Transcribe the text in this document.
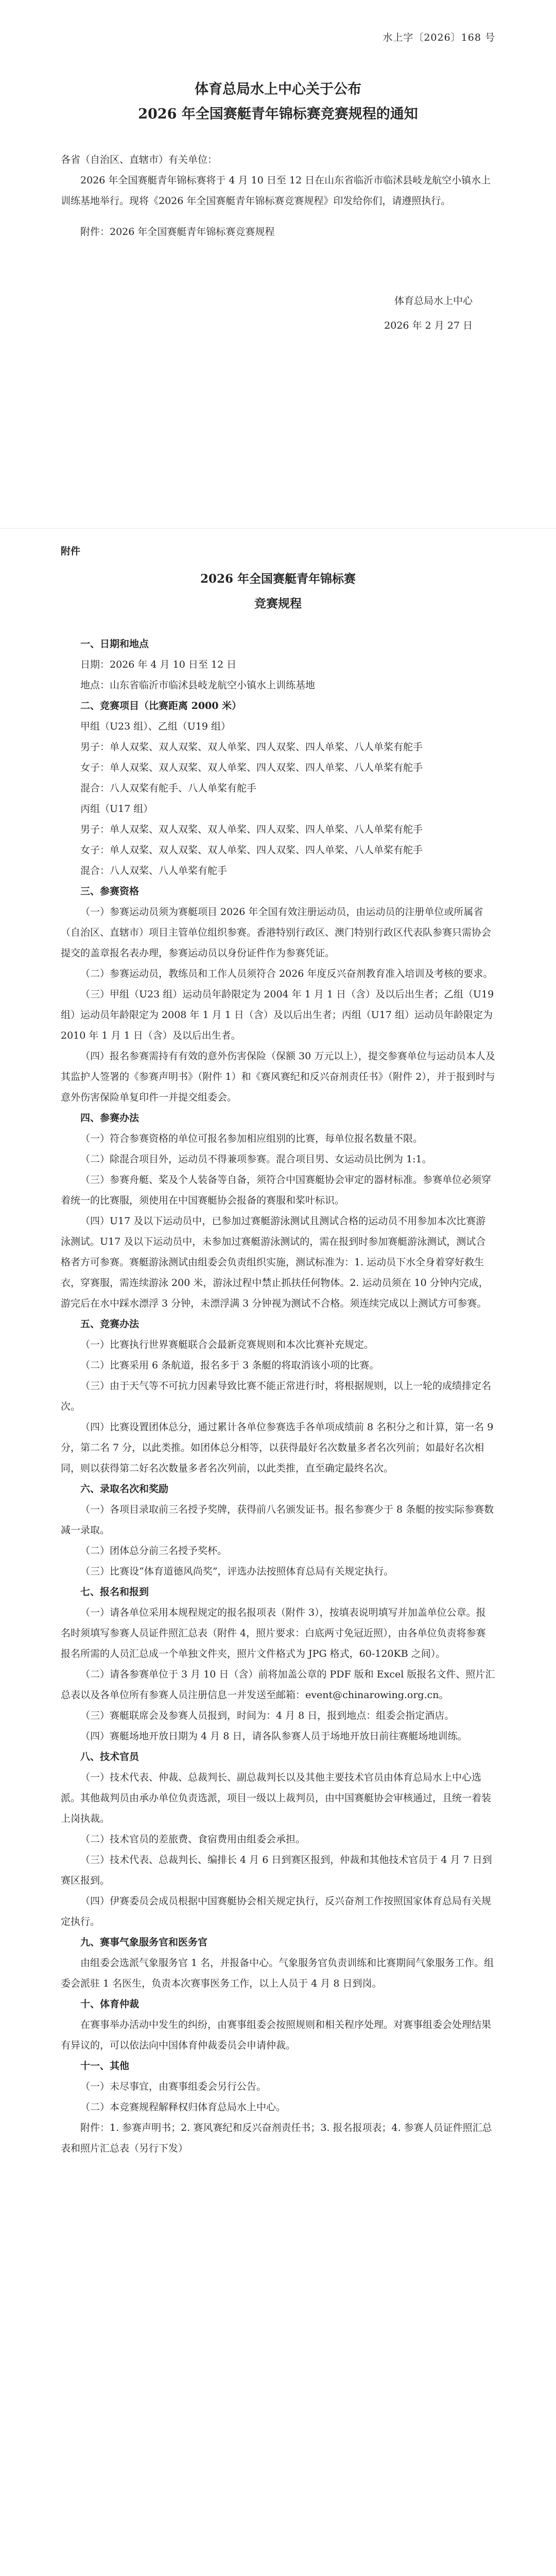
水上字〔2026〕168 号

体育总局水上中心关于公布

2026 年全国赛艇青年锦标赛竞赛规程的通知

各省（自治区、直辖市）有关单位：

2026 年全国赛艇青年锦标赛将于 4 月 10 日至 12 日在山东省临沂市临沭县岐龙航空小镇水上训练基地举行。现将《2026 年全国赛艇青年锦标赛竞赛规程》印发给你们，请遵照执行。

附件：2026 年全国赛艇青年锦标赛竞赛规程

体育总局水上中心
2026 年 2 月 27 日
附件

2026 年全国赛艇青年锦标赛

竞赛规程

一、日期和地点

日期：2026 年 4 月 10 日至 12 日

地点：山东省临沂市临沭县岐龙航空小镇水上训练基地

二、竞赛项目（比赛距离 2000 米）

甲组（U23 组）、乙组（U19 组）

男子：单人双桨、双人双桨、双人单桨、四人双桨、四人单桨、八人单桨有舵手

女子：单人双桨、双人双桨、双人单桨、四人双桨、四人单桨、八人单桨有舵手

混合：八人双桨有舵手、八人单桨有舵手

丙组（U17 组）

男子：单人双桨、双人双桨、双人单桨、四人双桨、四人单桨、八人单桨有舵手

女子：单人双桨、双人双桨、双人单桨、四人双桨、四人单桨、八人单桨有舵手

混合：八人双桨、八人单桨有舵手

三、参赛资格

（一）参赛运动员须为赛艇项目 2026 年全国有效注册运动员，由运动员的注册单位或所属省（自治区、直辖市）项目主管单位组织参赛。香港特别行政区、澳门特别行政区代表队参赛只需协会提交的盖章报名表办理，参赛运动员以身份证件作为参赛凭证。

（二）参赛运动员，教练员和工作人员须符合 2026 年度反兴奋剂教育准入培训及考核的要求。

（三）甲组（U23 组）运动员年龄限定为 2004 年 1 月 1 日（含）及以后出生者；乙组（U19 组）运动员年龄限定为 2008 年 1 月 1 日（含）及以后出生者；丙组（U17 组）运动员年龄限定为 2010 年 1 月 1 日（含）及以后出生者。

（四）报名参赛需持有有效的意外伤害保险（保额 30 万元以上），提交参赛单位与运动员本人及其监护人签署的《参赛声明书》（附件 1）和《赛风赛纪和反兴奋剂责任书》（附件 2），并于报到时与意外伤害保险单复印件一并提交组委会。

四、参赛办法

（一）符合参赛资格的单位可报名参加相应组别的比赛，每单位报名数量不限。

（二）除混合项目外，运动员不得兼项参赛。混合项目男、女运动员比例为 1:1。

（三）参赛舟艇、桨及个人装备等自备，须符合中国赛艇协会审定的器材标准。参赛单位必须穿着统一的比赛服，须使用在中国赛艇协会报备的赛服和桨叶标识。

（四）U17 及以下运动员中，已参加过赛艇游泳测试且测试合格的运动员不用参加本次比赛游泳测试。U17 及以下运动员中，未参加过赛艇游泳测试的，需在报到时参加赛艇游泳测试，测试合格者方可参赛。赛艇游泳测试由组委会负责组织实施，测试标准为：1. 运动员下水全身着穿好救生衣，穿赛服，需连续游泳 200 米，游泳过程中禁止抓扶任何物体。2. 运动员须在 10 分钟内完成，游完后在水中踩水漂浮 3 分钟，未漂浮满 3 分钟视为测试不合格。须连续完成以上测试方可参赛。

五、竞赛办法

（一）比赛执行世界赛艇联合会最新竞赛规则和本次比赛补充规定。

（二）比赛采用 6 条航道，报名多于 3 条艇的将取消该小项的比赛。

（三）由于天气等不可抗力因素导致比赛不能正常进行时，将根据规则，以上一轮的成绩排定名次。

（四）比赛设置团体总分，通过累计各单位参赛选手各单项成绩前 8 名积分之和计算，第一名 9 分，第二名 7 分，以此类推。如团体总分相等，以获得最好名次数量多者名次列前；如最好名次相同，则以获得第二好名次数量多者名次列前，以此类推，直至确定最终名次。

六、录取名次和奖励

（一）各项目录取前三名授予奖牌，获得前八名颁发证书。报名参赛少于 8 条艇的按实际参赛数减一录取。

（二）团体总分前三名授予奖杯。

（三）比赛设“体育道德风尚奖”，评选办法按照体育总局有关规定执行。

七、报名和报到

（一）请各单位采用本规程规定的报名报项表（附件 3），按填表说明填写并加盖单位公章。报名时须填写参赛人员证件照汇总表（附件 4，照片要求：白底两寸免冠近照），由各单位负责将参赛报名所需的人员汇总成一个单独文件夹，照片文件格式为 JPG 格式，60-120KB 之间）。

（二）请各参赛单位于 3 月 10 日（含）前将加盖公章的 PDF 版和 Excel 版报名文件、照片汇总表以及各单位所有参赛人员注册信息一并发送至邮箱：event@chinarowing.org.cn。

（三）赛艇联席会及参赛人员报到，时间为：4 月 8 日，报到地点：组委会指定酒店。

（四）赛艇场地开放日期为 4 月 8 日，请各队参赛人员于场地开放日前往赛艇场地训练。

八、技术官员

（一）技术代表、仲裁、总裁判长、副总裁判长以及其他主要技术官员由体育总局水上中心选派。其他裁判员由承办单位负责选派，项目一级以上裁判员，由中国赛艇协会审核通过，且统一着装上岗执裁。

（二）技术官员的差旅费、食宿费用由组委会承担。

（三）技术代表、总裁判长、编排长 4 月 6 日到赛区报到，仲裁和其他技术官员于 4 月 7 日到赛区报到。

（四）伊赛委员会成员根据中国赛艇协会相关规定执行，反兴奋剂工作按照国家体育总局有关规定执行。

九、赛事气象服务官和医务官

由组委会选派气象服务官 1 名，并报备中心。气象服务官负责训练和比赛期间气象服务工作。组委会派驻 1 名医生，负责本次赛事医务工作，以上人员于 4 月 8 日到岗。

十、体育仲裁

在赛事举办活动中发生的纠纷，由赛事组委会按照规则和相关程序处理。对赛事组委会处理结果有异议的，可以依法向中国体育仲裁委员会申请仲裁。

十一、其他

（一）未尽事宜，由赛事组委会另行公告。

（二）本竞赛规程解释权归体育总局水上中心。

附件：1. 参赛声明书；2. 赛风赛纪和反兴奋剂责任书；3. 报名报项表；4. 参赛人员证件照汇总表和照片汇总表（另行下发）
